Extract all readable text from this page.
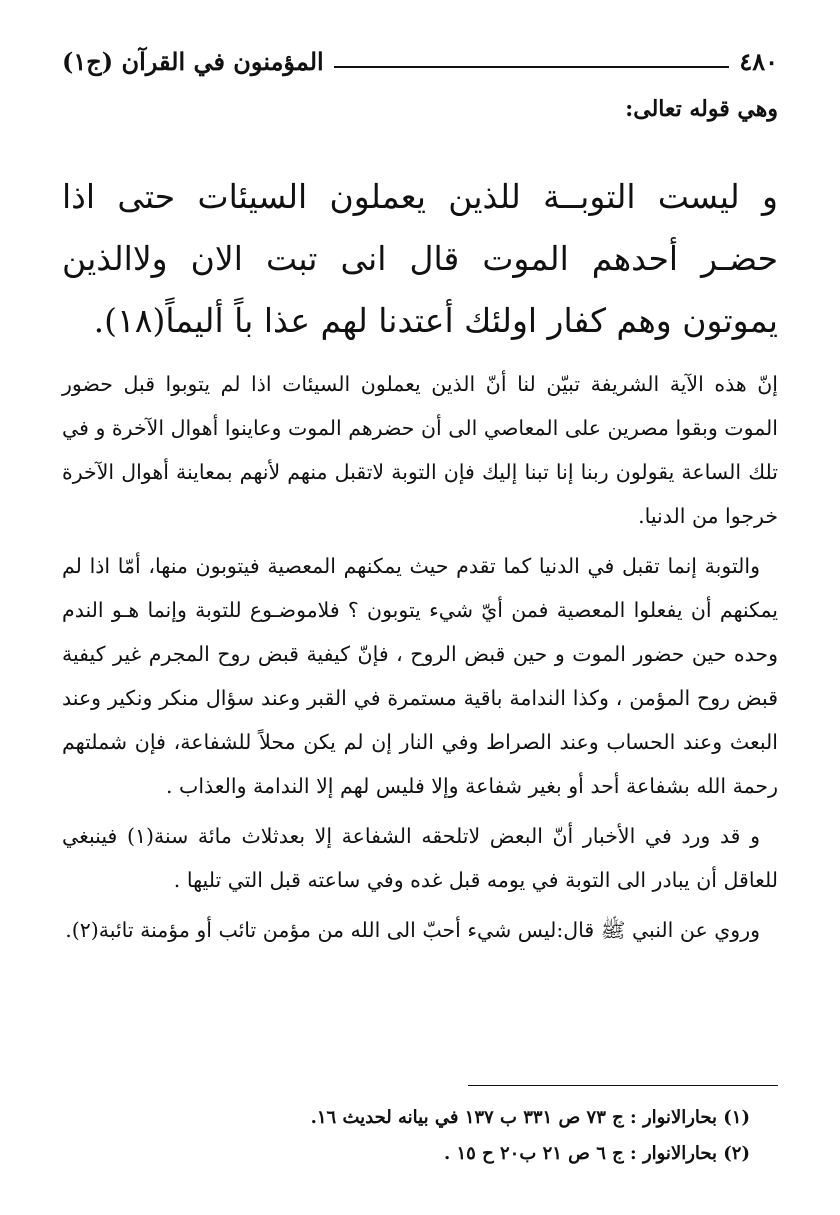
٤٨٠
المؤمنون في القرآن (ج١)
وهي قوله تعالى:
و ليست التوبــة للذين يعملون السيئات حتى اذا حضـر أحدهم الموت قال انى تبت الان ولاالذين يموتون وهم كفار اولئك أعتدنا لهم عذا باً أليماً(١٨).

إنّ هذه الآية الشريفة تبيّن لنا أنّ الذين يعملون السيئات اذا لم يتوبوا قبل حضور الموت وبقوا مصرين على المعاصي الى أن حضرهم الموت وعاينوا أهوال الآخرة و في تلك الساعة يقولون ربنا إنا تبنا إليك فإن التوبة لاتقبل منهم لأنهم بمعاينة أهوال الآخرة خرجوا من الدنيا.

والتوبة إنما تقبل في الدنيا كما تقدم حيث يمكنهم المعصية فيتوبون منها، أمّا اذا لم يمكنهم أن يفعلوا المعصية فمن أيّ شيء يتوبون ؟ فلاموضـوع للتوبة وإنما هـو الندم وحده حين حضور الموت و حين قبض الروح ، فإنّ كيفية قبض روح المجرم غير كيفية قبض روح المؤمن ، وكذا الندامة باقية مستمرة في القبر وعند سؤال منكر ونكير وعند البعث وعند الحساب وعند الصراط وفي النار إن لم يكن محلاً للشفاعة، فإن شملتهم رحمة الله بشفاعة أحد أو بغير شفاعة وإلا فليس لهم إلا الندامة والعذاب .

و قد ورد في الأخبار أنّ البعض لاتلحقه الشفاعة إلا بعدثلاث مائة سنة(١) فينبغي للعاقل أن يبادر الى التوبة في يومه قبل غده وفي ساعته قبل التي تليها .

وروي عن النبي ﷺ قال:ليس شيء أحبّ الى الله من مؤمن تائب أو مؤمنة تائبة(٢).

(١) بحارالانوار : ج ٧٣ ص ٣٣١ ب ١٣٧ في بيانه لحديث ١٦.
(٢) بحارالانوار : ج ٦ ص ٢١ ب٢٠ ح ١٥ .
